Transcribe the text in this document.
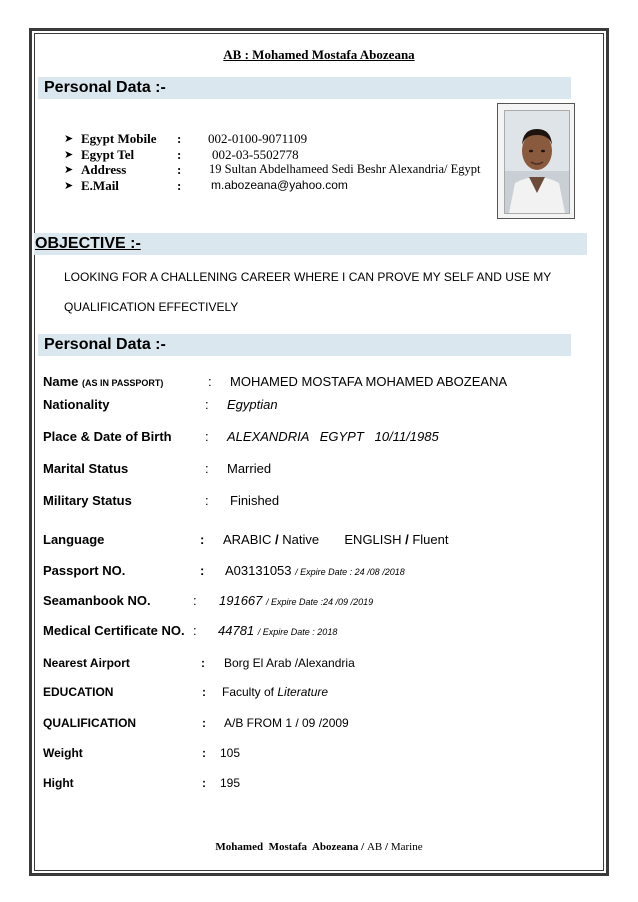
AB : Mohamed Mostafa Abozeana
Personal Data :-
➤ Egypt Mobile : 002-0100-9071109
➤ Egypt Tel	: 002-03-5502778
➤ Address	: 19 Sultan Abdelhameed Sedi Beshr Alexandria/ Egypt
➤ E.Mail	: m.abozeana@yahoo.com
OBJECTIVE :-
LOOKING FOR A CHALLENING CAREER WHERE I CAN PROVE MY SELF AND USE MY
QUALIFICATION EFFECTIVELY
Personal Data :-
Name (AS IN PASSPORT)	: MOHAMED MOSTAFA MOHAMED ABOZEANA
Nationality	: Egyptian
Place & Date of Birth	: ALEXANDRIA   EGYPT   10/11/1985
Marital Status	: Married
Military Status	: Finished
Language	: ARABIC / Native ENGLISH / Fluent
Passport NO.	: A03131053 / Expire Date : 24 /08 /2018
Seamanbook NO.	: 191667 / Expire Date :24 /09 /2019
Medical Certificate NO. : 44781 / Expire Date : 2018
Nearest Airport	: Borg El Arab /Alexandria
EDUCATION	: Faculty of Literature
QUALIFICATION	: A/B FROM 1 / 09 /2009
Weight	: 105
Hight	: 195
Mohamed  Mostafa  Abozeana / AB / Marine
